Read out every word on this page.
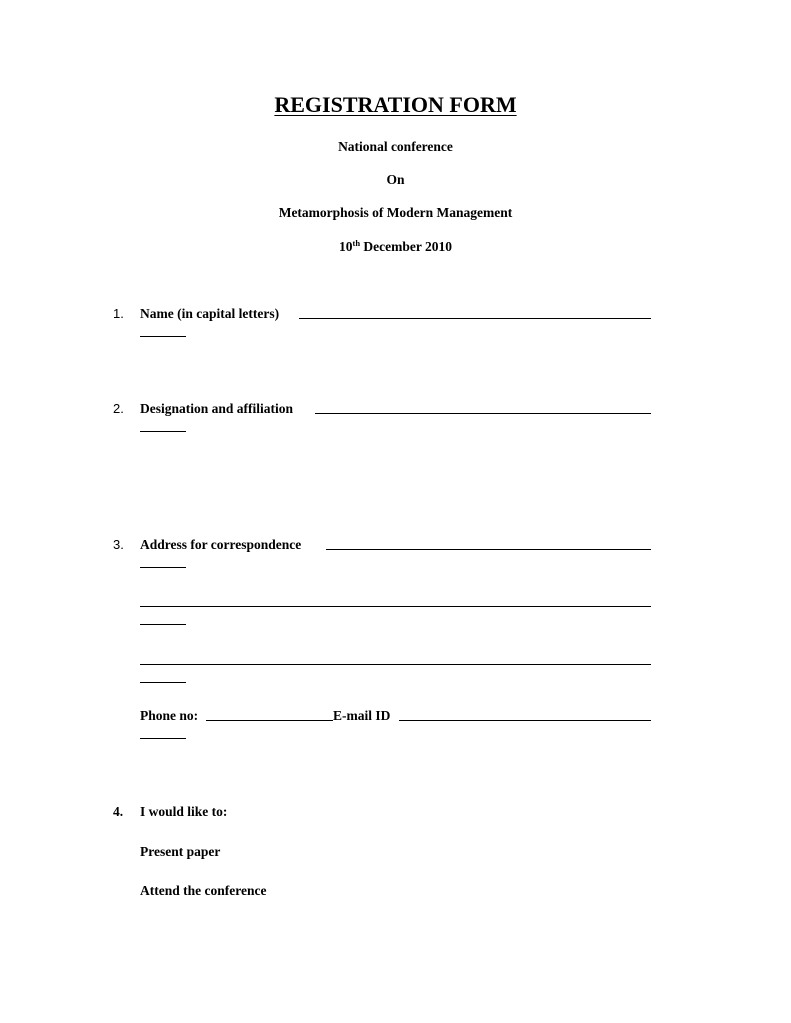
REGISTRATION FORM
National conference
On
Metamorphosis of Modern Management
10th December 2010
1. Name (in capital letters)
2. Designation and affiliation
3. Address for correspondence
Phone no:	E-mail ID
4. I would like to:
Present paper
Attend the conference
